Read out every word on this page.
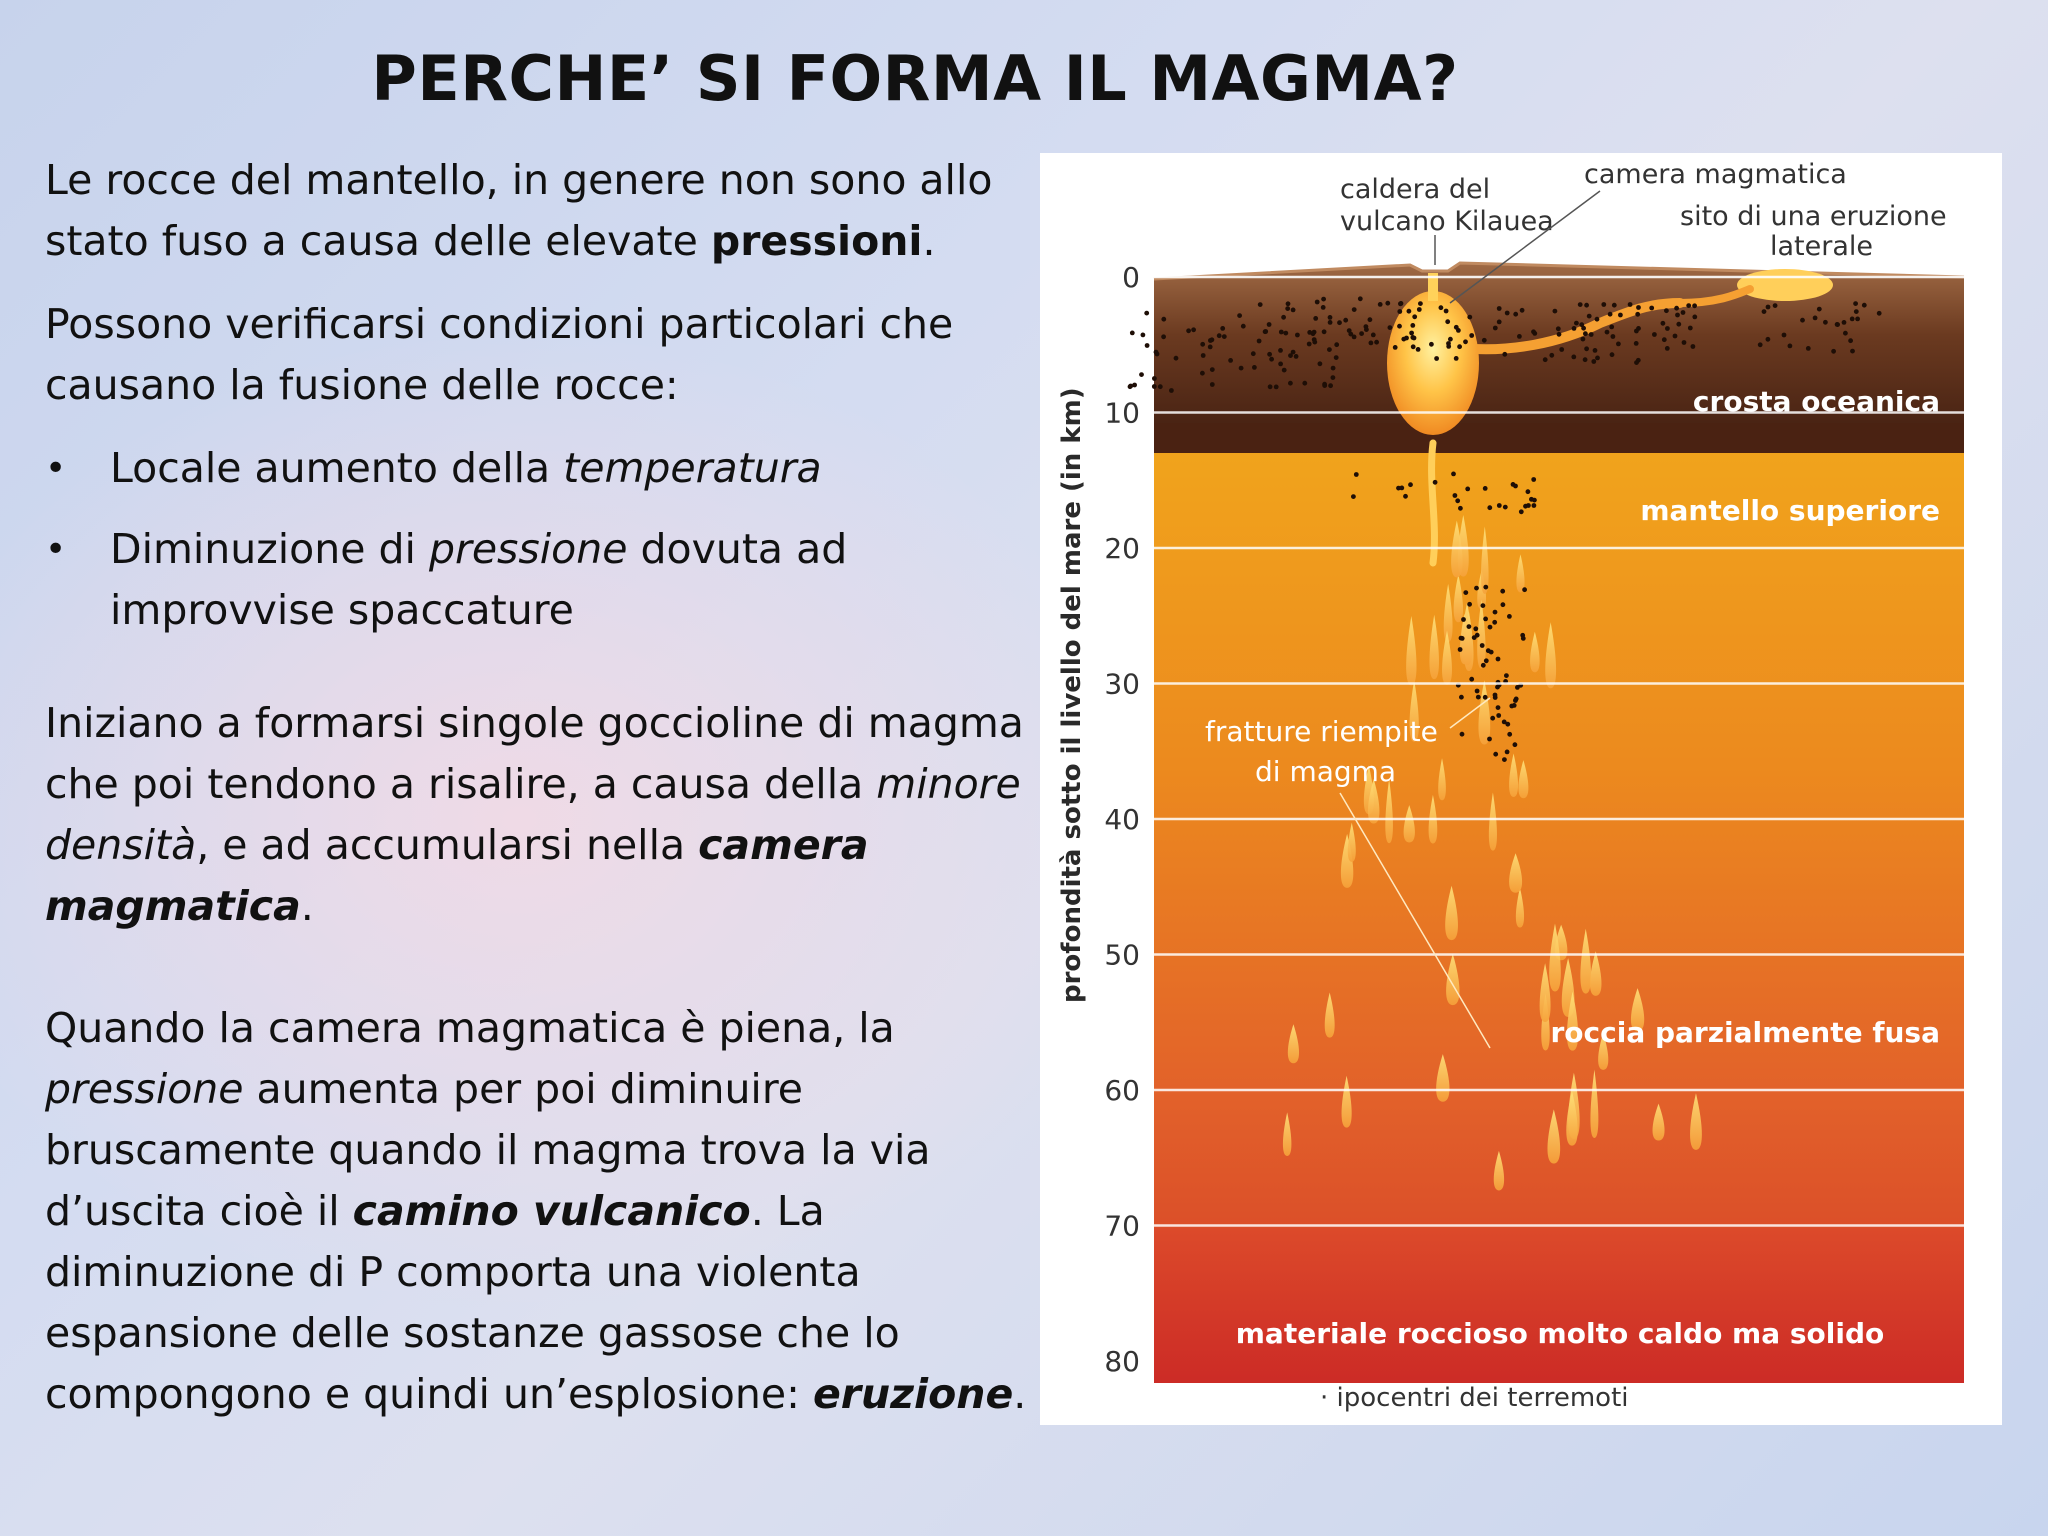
PERCHE’ SI FORMA IL MAGMA?

Le rocce del mantello, in genere non sono allo stato fuso a causa delle elevate pressioni.

Possono verificarsi condizioni particolari che causano la fusione delle rocce:

• Locale aumento della temperatura
• Diminuzione di pressione dovuta ad improvvise spaccature

Iniziano a formarsi singole goccioline di magma che poi tendono a risalire, a causa della minore densità, e ad accumularsi nella camera magmatica.

Quando la camera magmatica è piena, la pressione aumenta per poi diminuire bruscamente quando il magma trova la via d’uscita cioè il camino vulcanico. La diminuzione di P comporta una violenta espansione delle sostanze gassose che lo compongono e quindi un’esplosione: eruzione.

0
10
20
30
40
50
60
70
80
profondità sotto il livello del mare (in km)
caldera del
vulcano Kilauea
camera magmatica
sito di una eruzione
laterale
crosta oceanica
mantello superiore
fratture riempite
di magma
roccia parzialmente fusa
materiale roccioso molto caldo ma solido
· ipocentri dei terremoti
